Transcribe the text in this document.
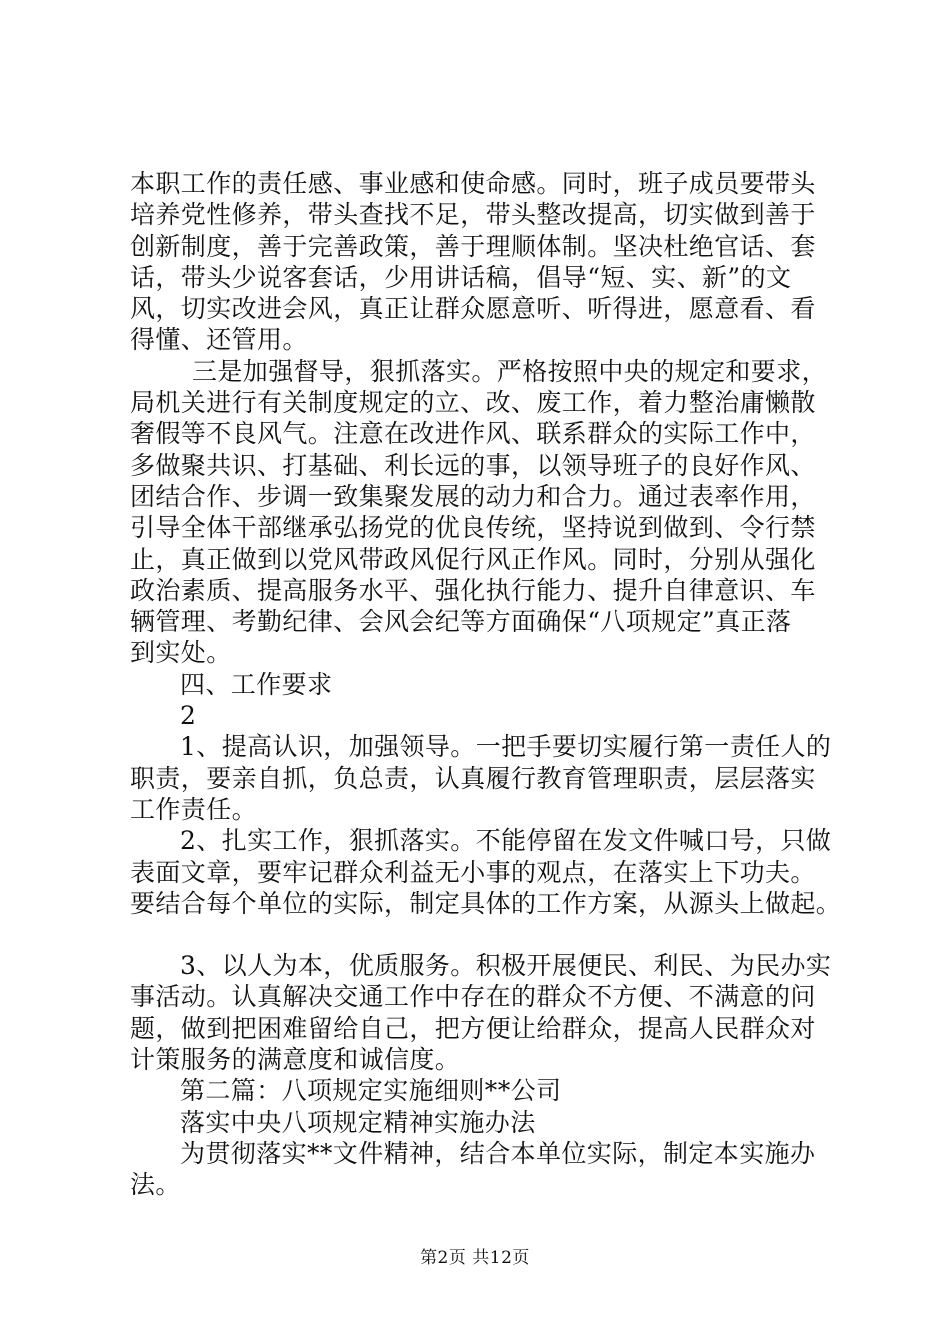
本职工作的责任感、事业感和使命感。同时，班子成员要带头
培养党性修养，带头查找不足，带头整改提高，切实做到善于
创新制度，善于完善政策，善于理顺体制。坚决杜绝官话、套
话，带头少说客套话，少用讲话稿，倡导“短、实、新”的文
风，切实改进会风，真正让群众愿意听、听得进，愿意看、看
得懂、还管用。
三是加强督导，狠抓落实。严格按照中央的规定和要求，
局机关进行有关制度规定的立、改、废工作，着力整治庸懒散
奢假等不良风气。注意在改进作风、联系群众的实际工作中，
多做聚共识、打基础、利长远的事，以领导班子的良好作风、
团结合作、步调一致集聚发展的动力和合力。通过表率作用，
引导全体干部继承弘扬党的优良传统，坚持说到做到、令行禁
止，真正做到以党风带政风促行风正作风。同时，分别从强化
政治素质、提高服务水平、强化执行能力、提升自律意识、车
辆管理、考勤纪律、会风会纪等方面确保“八项规定”真正落
到实处。
四、工作要求
2
1、提高认识，加强领导。一把手要切实履行第一责任人的
职责，要亲自抓，负总责，认真履行教育管理职责，层层落实
工作责任。
2、扎实工作，狠抓落实。不能停留在发文件喊口号，只做
表面文章，要牢记群众利益无小事的观点，在落实上下功夫。
要结合每个单位的实际，制定具体的工作方案，从源头上做起。
3、以人为本，优质服务。积极开展便民、利民、为民办实
事活动。认真解决交通工作中存在的群众不方便、不满意的问
题，做到把困难留给自己，把方便让给群众，提高人民群众对
计策服务的满意度和诚信度。
第二篇：八项规定实施细则**公司
落实中央八项规定精神实施办法
为贯彻落实**文件精神，结合本单位实际，制定本实施办
法。
第2页 共12页
